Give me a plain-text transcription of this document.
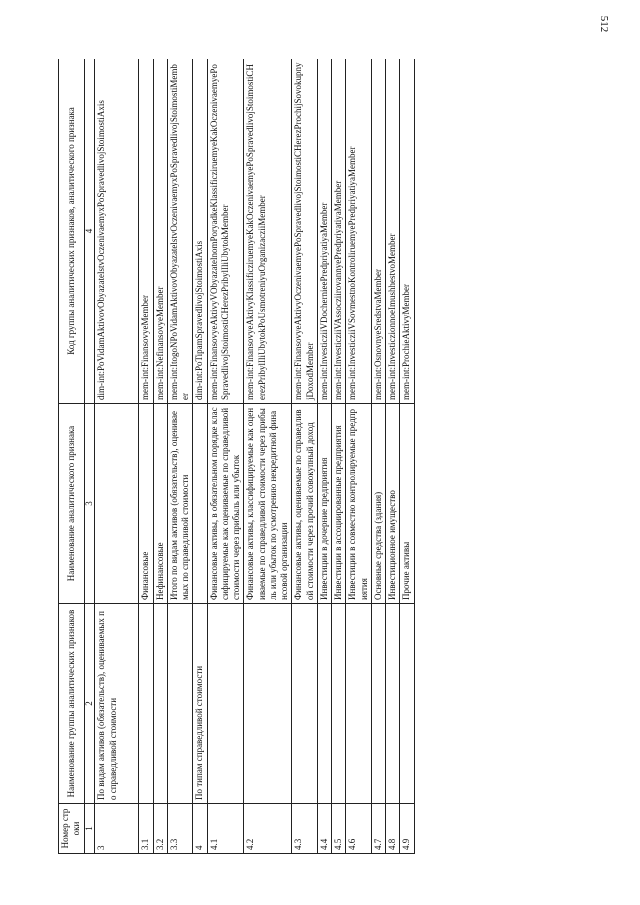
512
Номер строки	Наименование группы аналитических признаков	Наименование аналитического признака	Код группы аналитических признаков, аналитического признака
1	2	3	4
3	По видам активов (обязательств), оцениваемых по справедливой стоимости		dim-int:PoVidamAktivovObyazatelstvOczenivaemyxPoSpravedlivojStoimostiAxis
3.1		Финансовые	mem-int:FinansovyeMember
3.2		Нефинансовые	mem-int:NefinansovyeMember
3.3		Итого по видам активов (обязательств), оцениваемых по справедливой стоимости	mem-int:ItogoNPoVidamAktivovObyazatelstvOczenivaemyxPoSpravedlivojStoimostiMember
4	По типам справедливой стоимости		dim-int:PoTipamSpravedlivojStoimostiAxis
4.1		Финансовые активы, в обязательном порядке классифицируемые как оцениваемые по справедливой стоимости через прибыль или убыток	mem-int:FinansovyeAktivyVObyazatelnomPoryadkeKlassificziruemyeKakOczenivaemyePoSpravedlivojStoimostiCHerezPribylIliUbytokMember
4.2		Финансовые активы, классифицируемые как оцениваемые по справедливой стоимости через прибыль или убыток по усмотрению некредитной финансовой организации	mem-int:FinansovyeAktivyKlassificziruemyeKakOczenivaemyePoSpravedlivojStoimostiCHerezPribylIliUbytokPoUsmotreniyuOrganizacziiMember
4.3		Финансовые активы, оцениваемые по справедливой стоимости через прочий совокупный доход	mem-int:FinansovyeAktivyOczenivaemyePoSpravedlivojStoimostiCHerezProchijSovokupnyjDoxodMember
4.4		Инвестиции в дочерние предприятия	mem-int:InvesticziiVDochernieePredpriyatiyaMember
4.5		Инвестиции в ассоциированные предприятия	mem-int:InvesticziiVAssocziirovannyePredpriyatiyaMember
4.6		Инвестиции в совместно контролируемые предприятия	mem-int:InvesticziiVSovmestnoKontroliruemyePredpriyatiyaMember
4.7		Основные средства (здания)	mem-int:OsnovnyeSredstvaMember
4.8		Инвестиционное имущество	mem-int:InvesticzionnoeImushhestvoMember
4.9		Прочие активы	mem-int:ProchieAktivyMember
